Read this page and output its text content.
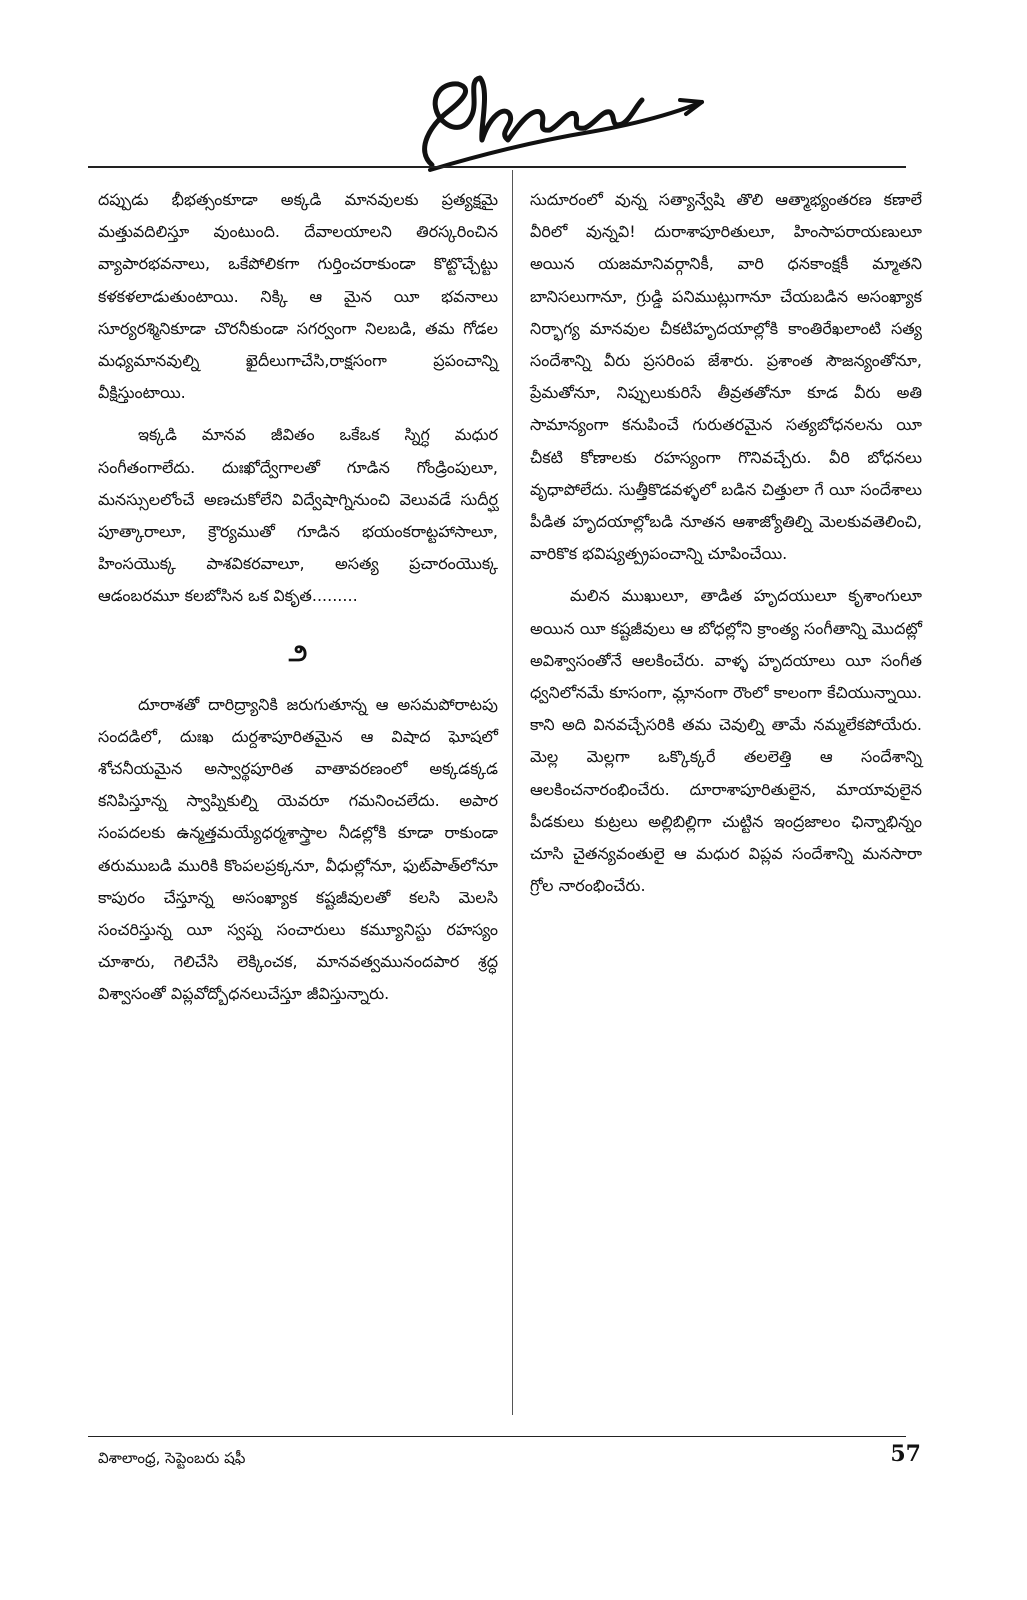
దప్పుడు భీభత్సంకూడా అక్కడి మానవులకు ప్రత్యక్షమై మత్తువదిలిస్తూ వుంటుంది. దేవాలయాలని తిరస్కరించిన వ్యాపారభవనాలు, ఒకేపోలికగా గుర్తించరాకుండా కొట్టొచ్చేట్టు కళకళలాడుతుంటాయి. నిక్కి ఆ మైన యీ భవనాలు సూర్యరశ్మినికూడా చొరనీకుండా సగర్వంగా నిలబడి, తమ గోడల మధ్యమానవుల్ని ఖైదీలుగాచేసి,రాక్షసంగా ప్రపంచాన్ని వీక్షిస్తుంటాయి.

ఇక్కడి మానవ జీవితం ఒకేఒక స్నిగ్ధ మధుర సంగీతంగాలేదు. దుఃఖోద్వేగాలతో గూడిన గోండ్రింపులూ, మనస్సులలోంచే అణచుకోలేని విద్వేషాగ్నినుంచి వెలువడే సుదీర్ఘ పూత్కారాలూ, క్రౌర్యముతో గూడిన భయంకరాట్టహాసాలూ, హింసయొక్క పాశవికరవాలూ, అసత్య ప్రచారంయొక్క ఆడంబరమూ కలబోసిన ఒక వికృత.........

౨

దూరాశతో దారిద్ర్యానికి జరుగుతూన్న ఆ అసమపోరాటపు సందడిలో, దుఃఖ దుర్దశాపూరితమైన ఆ విషాద ఘోషలో శోచనీయమైన అస్వార్థపూరిత వాతావరణంలో అక్కడక్కడ కనిపిస్తూన్న స్వాప్నికుల్ని యెవరూ గమనించలేదు. అపార సంపదలకు ఉన్మత్తమయ్యేధర్మశాస్త్రాల నీడల్లోకి కూడా రాకుండా తరుముబడి మురికి కొంపలప్రక్కనూ, వీధుల్లోనూ, ఫుట్‌పాత్‌లోనూ కాపురం చేస్తూన్న అసంఖ్యాక కష్టజీవులతో కలసి మెలసి సంచరిస్తున్న యీ స్వప్న సంచారులు కమ్యూనిస్టు రహస్యం చూశారు, గెలిచేసి లెక్కించక, మానవత్వమునందపార శ్రద్ధ విశ్వాసంతో విప్లవోద్బోధనలుచేస్తూ జీవిస్తున్నారు.

సుదూరంలో వున్న సత్యాన్వేషి తొలి ఆత్మాభ్యంతరణ కణాలే వీరిలో వున్నవి! దురాశాపూరితులూ, హింసాపరాయణులూ అయిన యజమానివర్గానికీ, వారి ధనకాంక్షకీ మ్మాతని బానిసలుగానూ, గ్రుడ్డి పనిముట్లుగానూ చేయబడిన అసంఖ్యాక నిర్భాగ్య మానవుల చీకటిహృదయాల్లోకి కాంతిరేఖలాంటి సత్య సందేశాన్ని వీరు ప్రసరింప జేశారు. ప్రశాంత సౌజన్యంతోనూ, ప్రేమతోనూ, నిప్పులుకురిసే తీవ్రతతోనూ కూడ వీరు అతి సామాన్యంగా కనుపించే గురుతరమైన సత్యబోధనలను యీ చీకటి కోణాలకు రహస్యంగా గొనివచ్చేరు. వీరి బోధనలు వృధాపోలేదు. సుత్తీకొడవళ్ళలో బడిన చిత్తులా గే యీ సందేశాలు పీడిత హృదయాల్లోబడి నూతన ఆశాజ్యోతిల్ని మెలకువతెలించి, వారికొక భవిష్యత్ప్రపంచాన్ని చూపించేయి.

మలిన ముఖులూ, తాడిత హృదయులూ కృశాంగులూ అయిన యీ కష్టజీవులు ఆ బోధల్లోని క్రాంత్య సంగీతాన్ని మొదట్లో అవిశ్వాసంతోనే ఆలకించేరు. వాళ్ళ హృదయాలు యీ సంగీత ధ్వనిలోనమే కూసంగా, మ్లానంగా రౌంలో కాలంగా కేచియున్నాయి. కాని అది వినవచ్చేసరికి తమ చెవుల్ని తామే నమ్మలేకపోయేరు. మెల్ల మెల్లగా ఒక్కొక్కరే తలలెత్తి ఆ సందేశాన్ని ఆలకించనారంభించేరు. దూరాశాపూరితులైన, మాయావులైన పీడకులు కుట్రలు అల్లిబిల్లిగా చుట్టిన ఇంద్రజాలం ఛిన్నాభిన్నం చూసి చైతన్యవంతులై ఆ మధుర విప్లవ సందేశాన్ని మనసారా గ్రోల నారంభించేరు.

విశాలాంధ్ర, సెప్టెంబరు షఫీ	57
